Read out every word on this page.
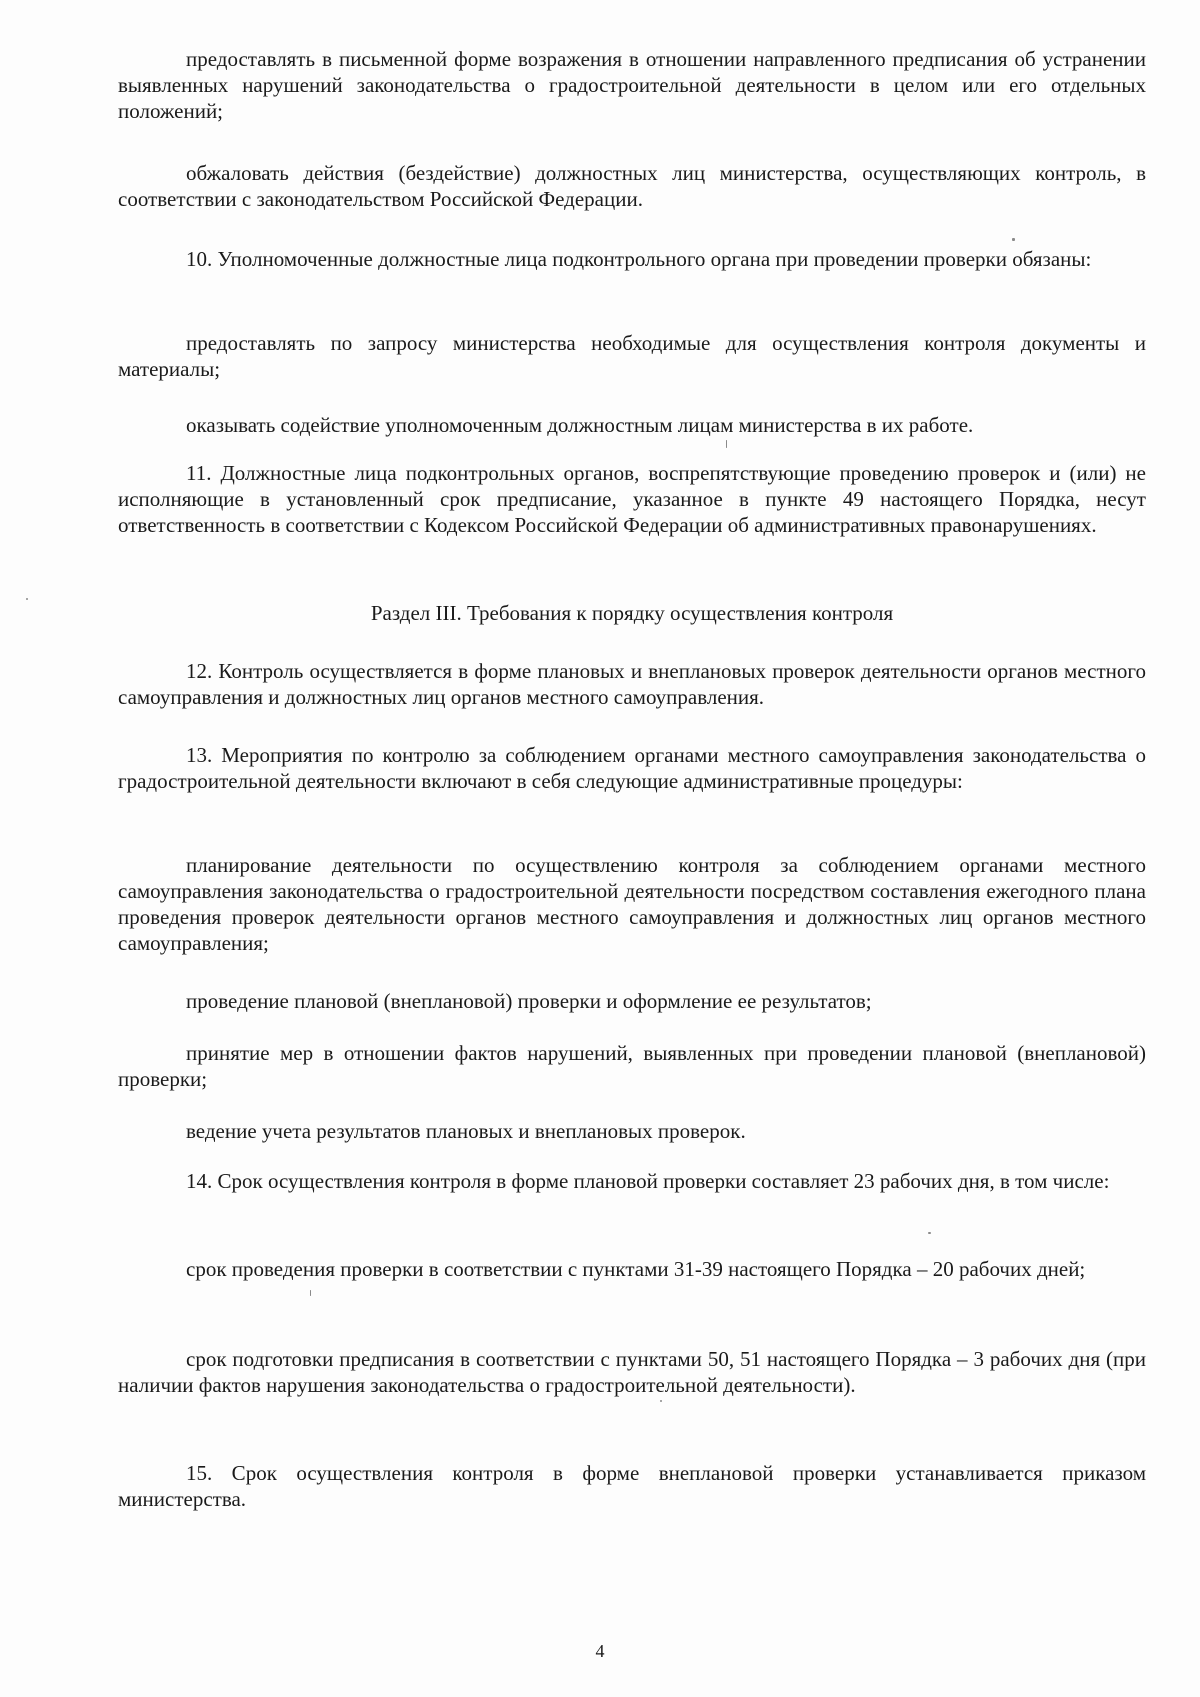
предоставлять в письменной форме возражения в отношении направленного предписания об устранении выявленных нарушений законодательства о градостроительной деятельности в целом или его отдельных положений;

обжаловать действия (бездействие) должностных лиц министерства, осуществляющих контроль, в соответствии с законодательством Российской Федерации.

10. Уполномоченные должностные лица подконтрольного органа при проведении проверки обязаны:

предоставлять по запросу министерства необходимые для осуществления контроля документы и материалы;

оказывать содействие уполномоченным должностным лицам министерства в их работе.

11. Должностные лица подконтрольных органов, воспрепятствующие проведению проверок и (или) не исполняющие в установленный срок предписание, указанное в пункте 49 настоящего Порядка, несут ответственность в соответствии с Кодексом Российской Федерации об административных правонарушениях.

Раздел III. Требования к порядку осуществления контроля

12. Контроль осуществляется в форме плановых и внеплановых проверок деятельности органов местного самоуправления и должностных лиц органов местного самоуправления.

13. Мероприятия по контролю за соблюдением органами местного самоуправления законодательства о градостроительной деятельности включают в себя следующие административные процедуры:

планирование деятельности по осуществлению контроля за соблюдением органами местного самоуправления законодательства о градостроительной деятельности посредством составления ежегодного плана проведения проверок деятельности органов местного самоуправления и должностных лиц органов местного самоуправления;

проведение плановой (внеплановой) проверки и оформление ее результатов;

принятие мер в отношении фактов нарушений, выявленных при проведении плановой (внеплановой) проверки;

ведение учета результатов плановых и внеплановых проверок.

14. Срок осуществления контроля в форме плановой проверки составляет 23 рабочих дня, в том числе:

срок проведения проверки в соответствии с пунктами 31-39 настоящего Порядка – 20 рабочих дней;

срок подготовки предписания в соответствии с пунктами 50, 51 настоящего Порядка – 3 рабочих дня (при наличии фактов нарушения законодательства о градостроительной деятельности).

15. Срок осуществления контроля в форме внеплановой проверки устанавливается приказом министерства.

4
